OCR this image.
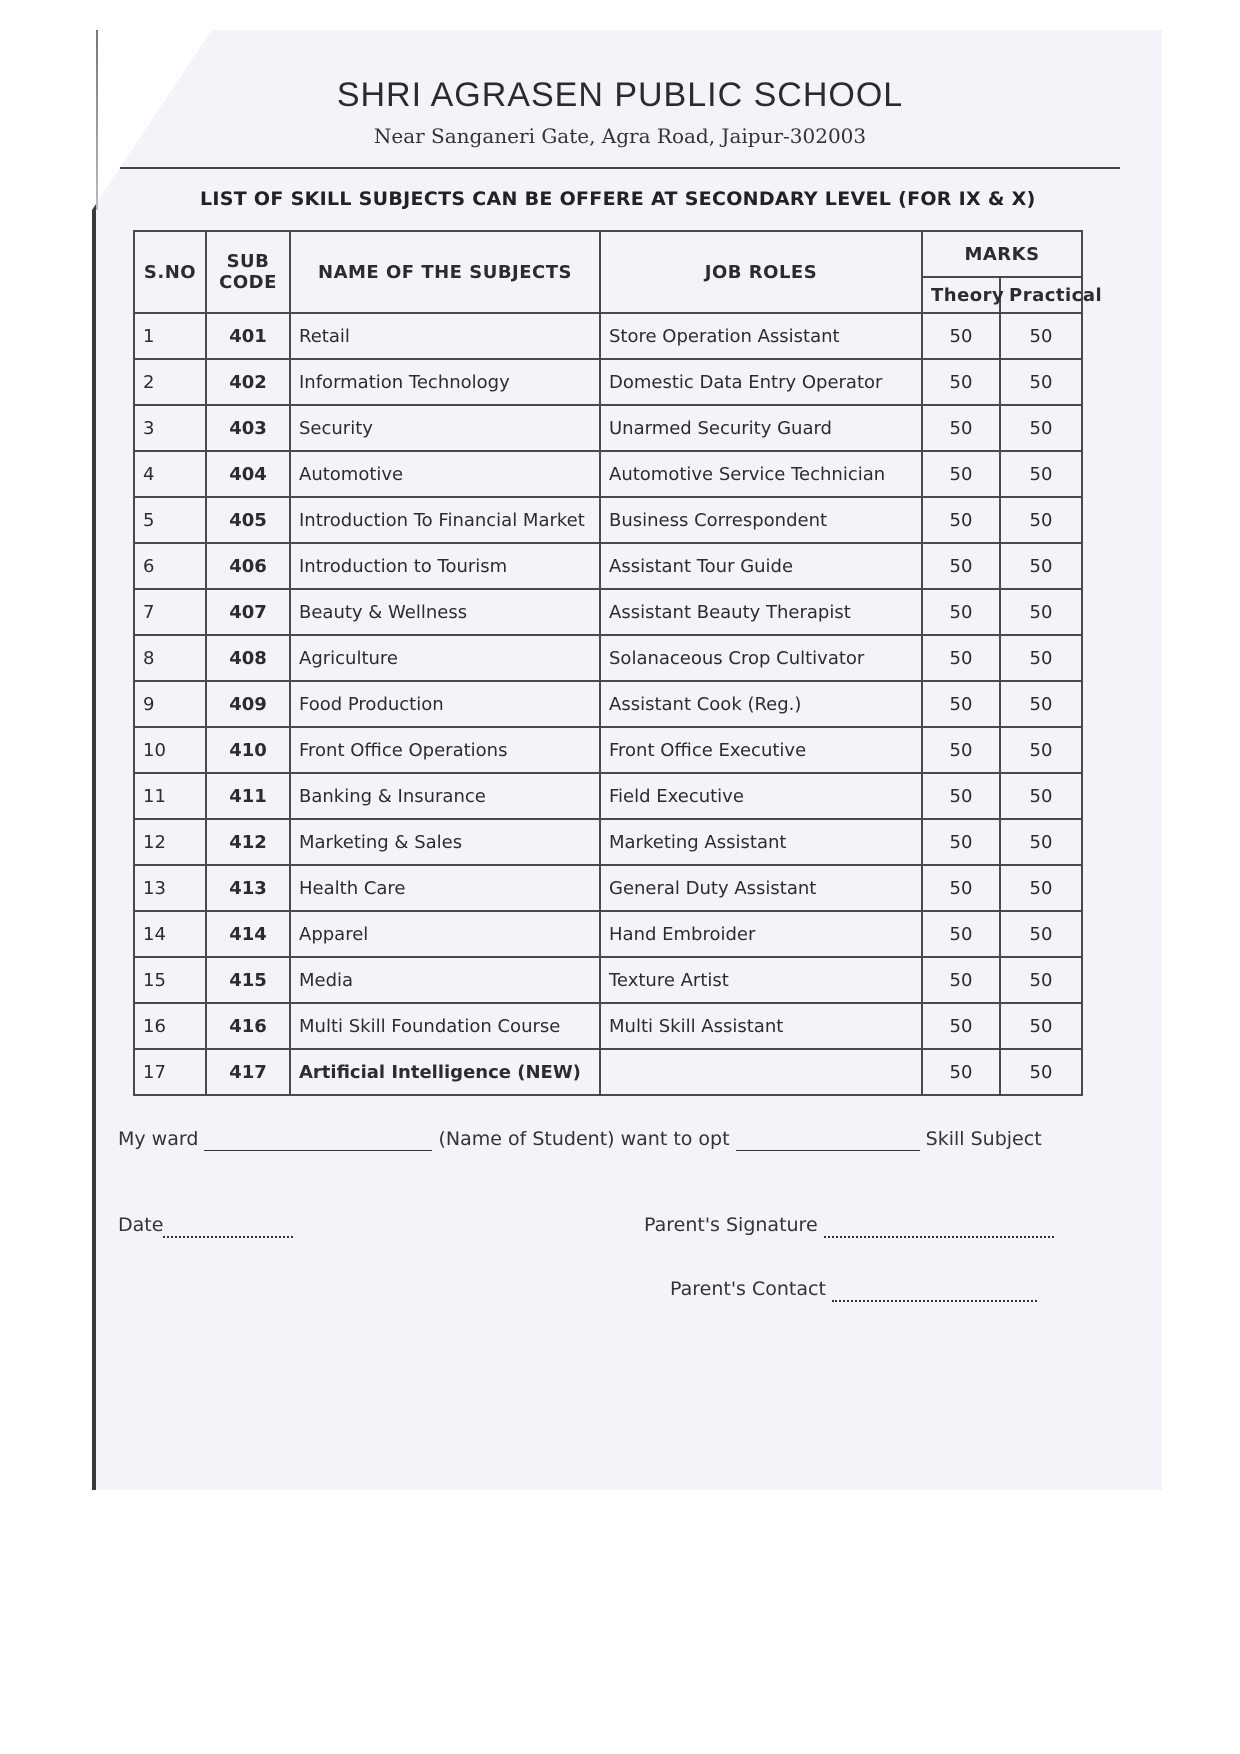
SHRI AGRASEN PUBLIC SCHOOL
Near Sanganeri Gate, Agra Road, Jaipur-302003
LIST OF SKILL SUBJECTS CAN BE OFFERE AT SECONDARY LEVEL (FOR IX & X)
S.NO	SUB CODE	NAME OF THE SUBJECTS	JOB ROLES	MARKS	
				Theory	Practical
1	401	Retail	Store Operation Assistant	50	50
2	402	Information Technology	Domestic Data Entry Operator	50	50
3	403	Security	Unarmed Security Guard	50	50
4	404	Automotive	Automotive Service Technician	50	50
5	405	Introduction To Financial Market	Business Correspondent	50	50
6	406	Introduction to Tourism	Assistant Tour Guide	50	50
7	407	Beauty & Wellness	Assistant Beauty Therapist	50	50
8	408	Agriculture	Solanaceous Crop Cultivator	50	50
9	409	Food Production	Assistant Cook (Reg.)	50	50
10	410	Front Office Operations	Front Office Executive	50	50
11	411	Banking & Insurance	Field Executive	50	50
12	412	Marketing & Sales	Marketing Assistant	50	50
13	413	Health Care	General Duty Assistant	50	50
14	414	Apparel	Hand Embroider	50	50
15	415	Media	Texture Artist	50	50
16	416	Multi Skill Foundation Course	Multi Skill Assistant	50	50
17	417	Artificial Intelligence (NEW)		50	50
My ward	(Name of Student) want to opt	Skill Subject
Date	Parent's Signature
Parent's Contact
